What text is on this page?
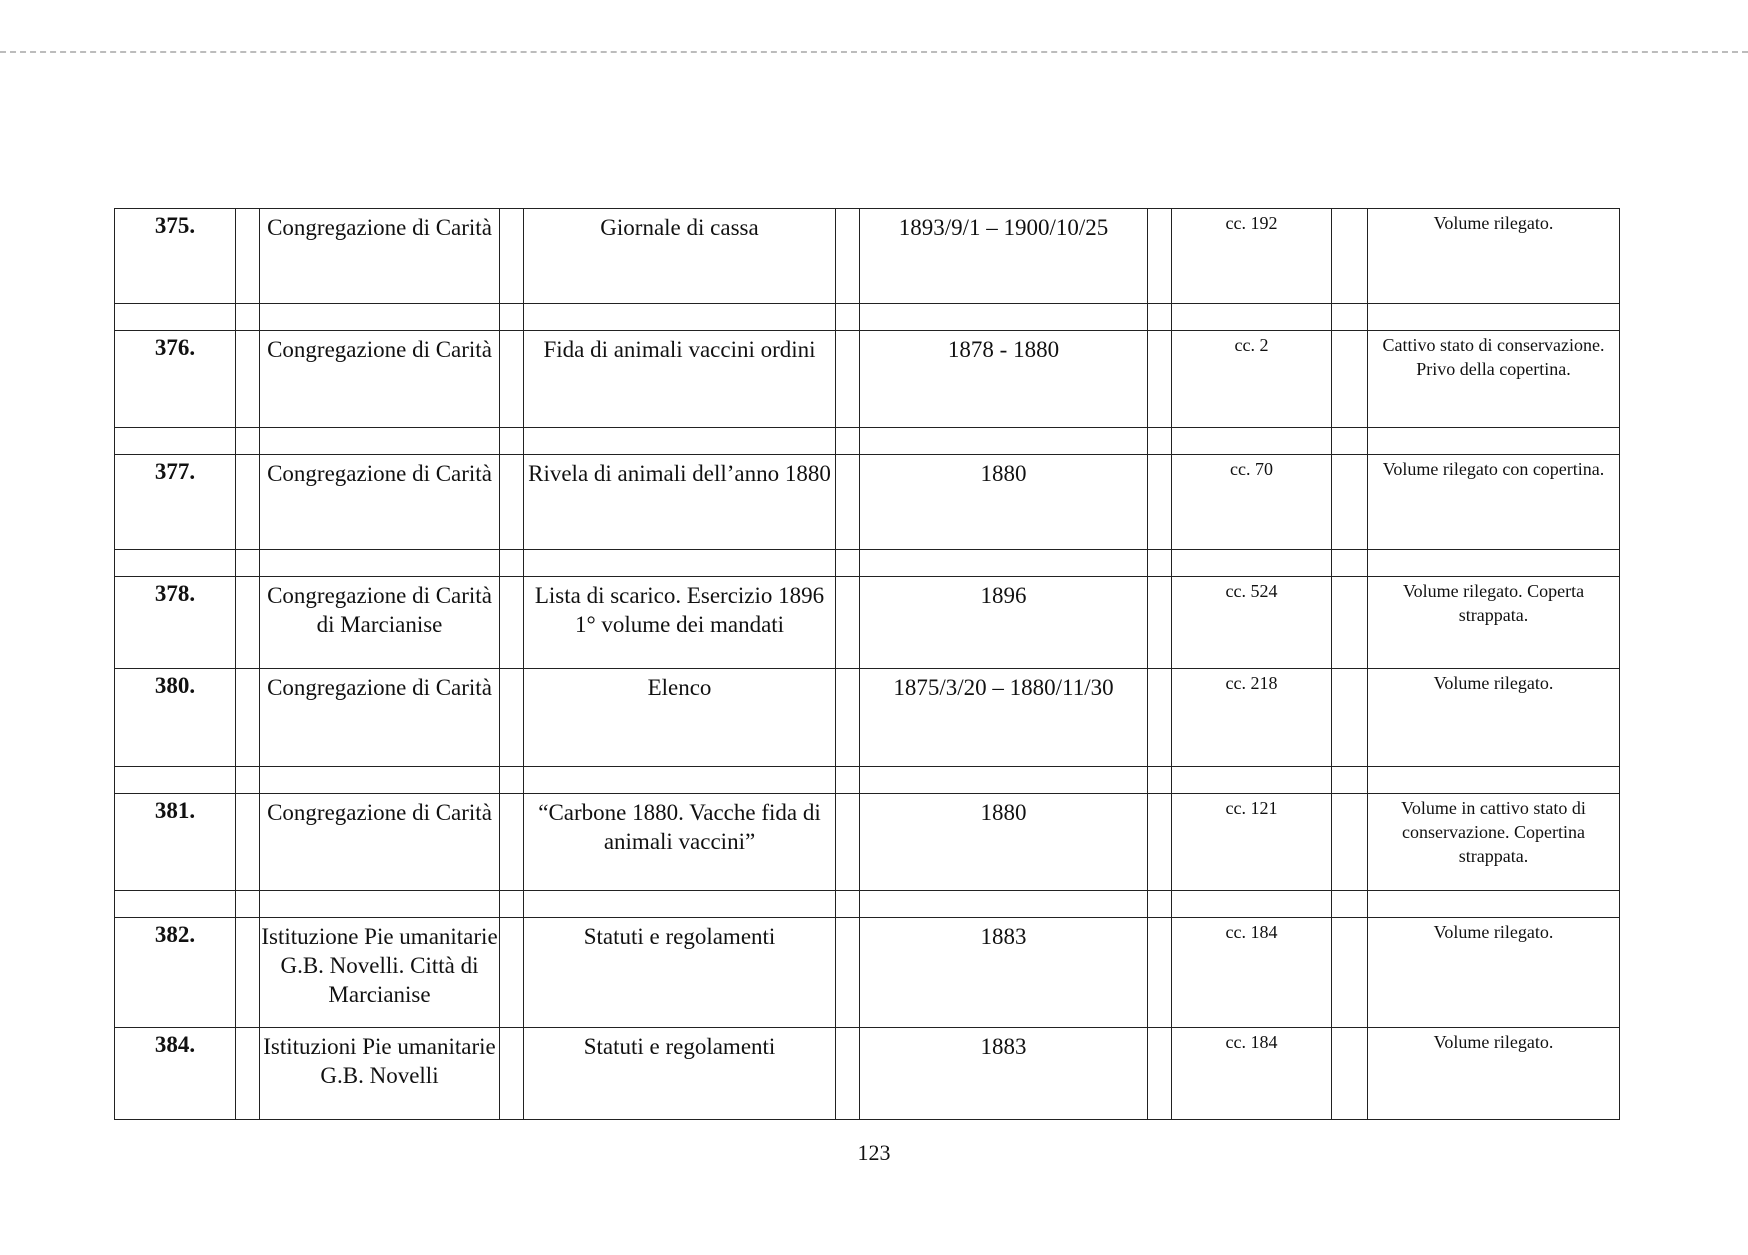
375.		Congregazione di Carità		Giornale di cassa		1893/9/1 – 1900/10/25		cc. 192		Volume rilegato.

376.		Congregazione di Carità		Fida di animali vaccini ordini		1878 - 1880		cc. 2		Cattivo stato di conservazione. Privo della copertina.

377.		Congregazione di Carità		Rivela di animali dell’anno 1880		1880		cc. 70		Volume rilegato con copertina.

378.		Congregazione di Carità di Marcianise		Lista di scarico. Esercizio 1896 1° volume dei mandati		1896		cc. 524		Volume rilegato. Coperta strappata.
380.		Congregazione di Carità		Elenco		1875/3/20 – 1880/11/30		cc. 218		Volume rilegato.

381.		Congregazione di Carità		“Carbone 1880. Vacche fida di animali vaccini”		1880		cc. 121		Volume in cattivo stato di conservazione. Copertina strappata.

382.		Istituzione Pie umanitarie G.B. Novelli. Città di Marcianise		Statuti e regolamenti		1883		cc. 184		Volume rilegato.
384.		Istituzioni Pie umanitarie G.B. Novelli		Statuti e regolamenti		1883		cc. 184		Volume rilegato.
123
